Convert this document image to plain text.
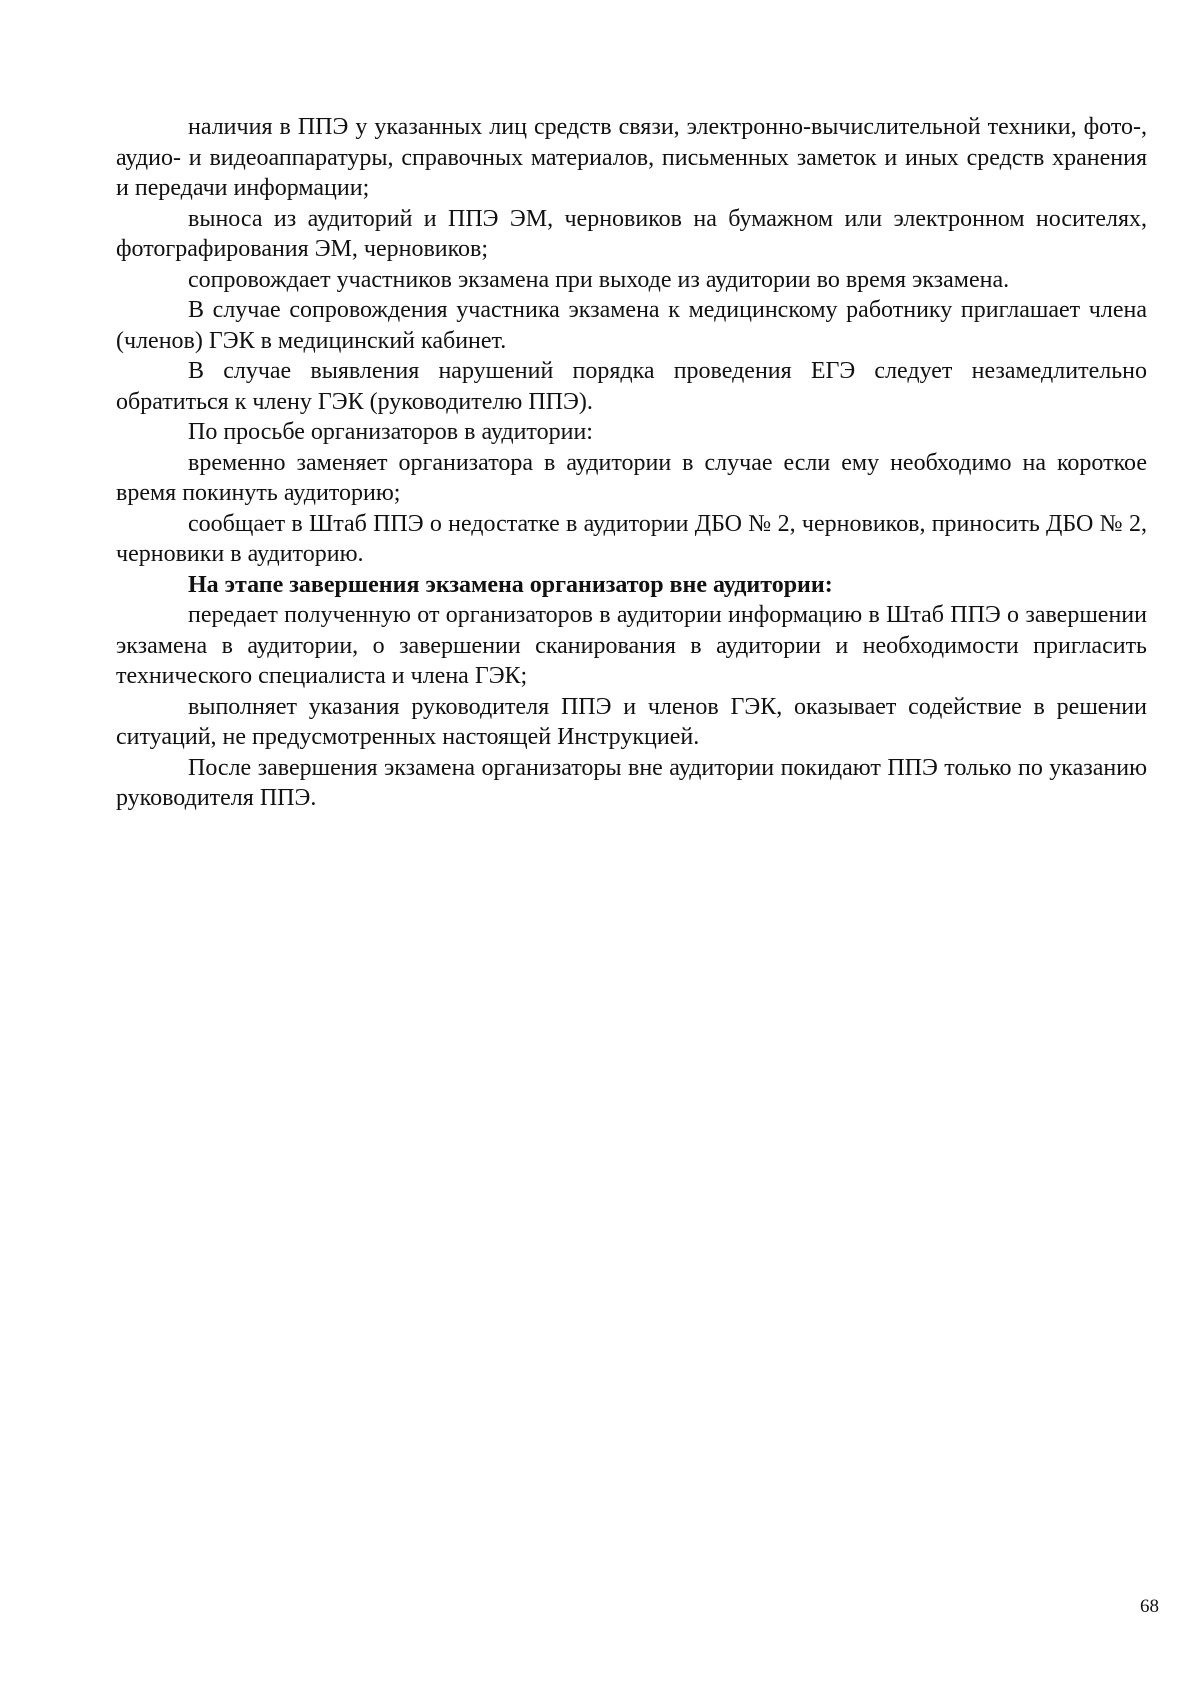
наличия в ППЭ у указанных лиц средств связи, электронно-вычислительной техники, фото-, аудио- и видеоаппаратуры, справочных материалов, письменных заметок и иных средств хранения и передачи информации;

выноса из аудиторий и ППЭ ЭМ, черновиков на бумажном или электронном носителях, фотографирования ЭМ, черновиков;

сопровождает участников экзамена при выходе из аудитории во время экзамена.

В случае сопровождения участника экзамена к медицинскому работнику приглашает члена (членов) ГЭК в медицинский кабинет.

В случае выявления нарушений порядка проведения ЕГЭ следует незамедлительно обратиться к члену ГЭК (руководителю ППЭ).

По просьбе организаторов в аудитории:

временно заменяет организатора в аудитории в случае если ему необходимо на короткое время покинуть аудиторию;

сообщает в Штаб ППЭ о недостатке в аудитории ДБО № 2, черновиков, приносить ДБО № 2, черновики в аудиторию.

На этапе завершения экзамена организатор вне аудитории:

передает полученную от организаторов в аудитории информацию в Штаб ППЭ о завершении экзамена в аудитории, о завершении сканирования в аудитории и необходимости пригласить технического специалиста и члена ГЭК;

выполняет указания руководителя ППЭ и членов ГЭК, оказывает содействие в решении ситуаций, не предусмотренных настоящей Инструкцией.

После завершения экзамена организаторы вне аудитории покидают ППЭ только по указанию руководителя ППЭ.

68
